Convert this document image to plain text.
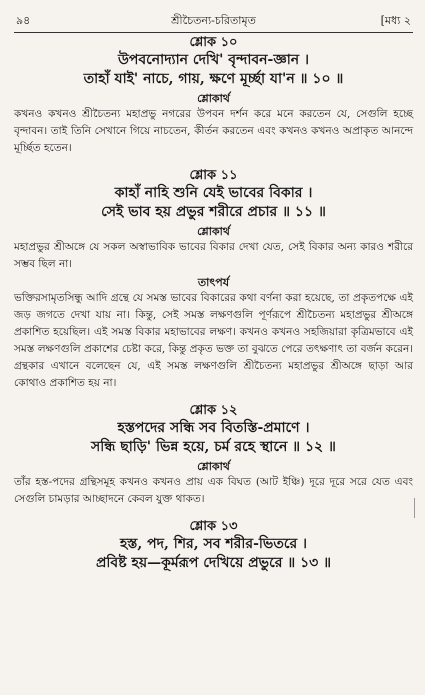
৯৪	শ্রীচৈতন্য-চরিতামৃত	[মধ্য ২

শ্লোক ১০

উপবনোদ্যান দেখি' বৃন্দাবন-জ্ঞান ।

তাহাঁ যাই' নাচে, গায়, ক্ষণে মূর্চ্ছা যা'ন ॥ ১০ ॥

শ্লোকার্থ

কখনও কখনও শ্রীচৈতন্য মহাপ্রভু নগরের উপবন দর্শন করে মনে করতেন যে, সেগুলি হচ্ছে বৃন্দাবন। তাই তিনি সেখানে গিয়ে নাচতেন, কীর্তন করতেন এবং কখনও কখনও অপ্রাকৃত আনন্দে মূর্চ্ছিত হতেন।

শ্লোক ১১

কাহাঁ নাহি শুনি যেই ভাবের বিকার ।

সেই ভাব হয় প্রভুর শরীরে প্রচার ॥ ১১ ॥

শ্লোকার্থ

মহাপ্রভুর শ্রীঅঙ্গে যে সকল অস্বাভাবিক ভাবের বিকার দেখা যেত, সেই বিকার অন্য কারও শরীরে সম্ভব ছিল না।

তাৎপর্য

ভক্তিরসামৃতসিন্ধু আদি গ্রন্থে যে সমস্ত ভাবের বিকারের কথা বর্ণনা করা হয়েছে, তা প্রকৃতপক্ষে এই জড় জগতে দেখা যায় না। কিন্তু, সেই সমস্ত লক্ষণগুলি পূর্ণরূপে শ্রীচৈতন্য মহাপ্রভুর শ্রীঅঙ্গে প্রকাশিত হয়েছিল। এই সমস্ত বিকার মহাভাবের লক্ষণ। কখনও কখনও সহজিয়ারা কৃত্রিমভাবে এই সমস্ত লক্ষণগুলি প্রকাশের চেষ্টা করে, কিন্তু প্রকৃত ভক্ত তা বুঝতে পেরে তৎক্ষণাৎ তা বর্জন করেন। গ্রন্থকার এখানে বলেছেন যে, এই সমস্ত লক্ষণগুলি শ্রীচৈতন্য মহাপ্রভুর শ্রীঅঙ্গে ছাড়া আর কোথাও প্রকাশিত হয় না।

শ্লোক ১২

হস্তপদের সন্ধি সব বিতস্তি-প্রমাণে ।

সন্ধি ছাড়ি' ভিন্ন হয়ে, চর্ম রহে স্থানে ॥ ১২ ॥

শ্লোকার্থ

তাঁর হস্ত-পদের গ্রন্থিসমূহ কখনও কখনও প্রায় এক বিঘত (আট ইঞ্চি) দূরে দূরে সরে যেত এবং সেগুলি চামড়ার আচ্ছাদনে কেবল যুক্ত থাকত।

শ্লোক ১৩

হস্ত, পদ, শির, সব শরীর-ভিতরে ।

প্রবিষ্ট হয়—কূর্মরূপ দেখিয়ে প্রভুরে ॥ ১৩ ॥
